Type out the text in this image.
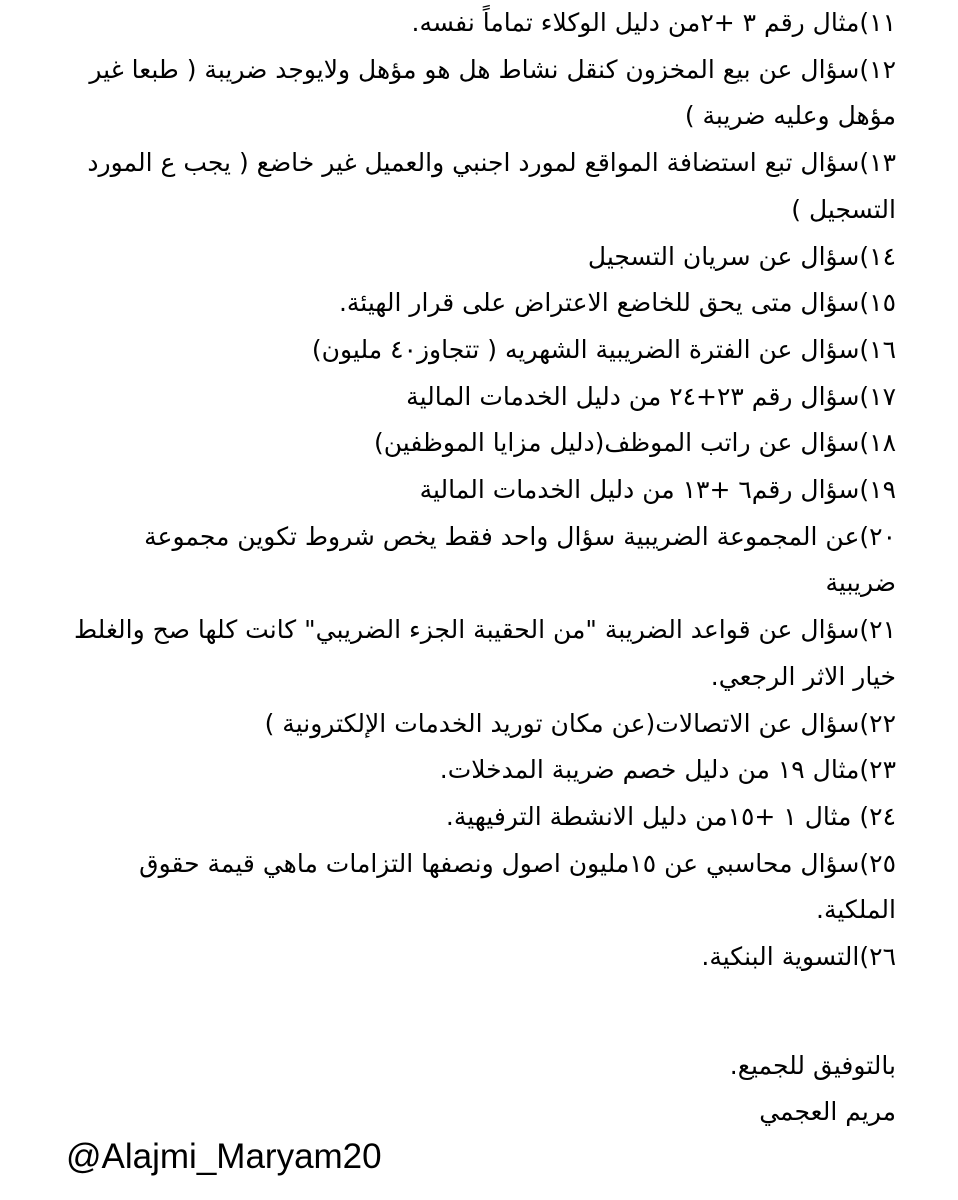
١١)مثال رقم ٣ +٢من دليل الوكلاء تماماً نفسه.

١٢)سؤال عن بيع المخزون كنقل نشاط هل هو مؤهل ولايوجد ضريبة ( طبعا غير مؤهل وعليه ضريبة )

١٣)سؤال تبع استضافة المواقع لمورد اجنبي والعميل غير خاضع ( يجب ع المورد التسجيل )

١٤)سؤال عن سريان التسجيل

١٥)سؤال متى يحق للخاضع الاعتراض على قرار الهيئة.

١٦)سؤال عن الفترة الضريبية الشهريه ( تتجاوز٤٠ مليون)

١٧)سؤال رقم ٢٣+٢٤ من دليل الخدمات المالية

١٨)سؤال عن راتب الموظف(دليل مزايا الموظفين)

١٩)سؤال رقم٦ +١٣ من دليل الخدمات المالية

٢٠)عن المجموعة الضريبية سؤال واحد فقط يخص شروط تكوين مجموعة ضريبية

٢١)سؤال عن قواعد الضريبة "من الحقيبة الجزء الضريبي" كانت كلها صح والغلط خيار الاثر الرجعي.

٢٢)سؤال عن الاتصالات(عن مكان توريد الخدمات الإلكترونية )

٢٣)مثال ١٩ من دليل خصم ضريبة المدخلات.

٢٤) مثال ١ +١٥من دليل الانشطة الترفيهية.

٢٥)سؤال محاسبي عن ١٥مليون اصول ونصفها التزامات ماهي قيمة حقوق الملكية.

٢٦)التسوية البنكية.

بالتوفيق للجميع.

مريم العجمي

@Alajmi_Maryam20
